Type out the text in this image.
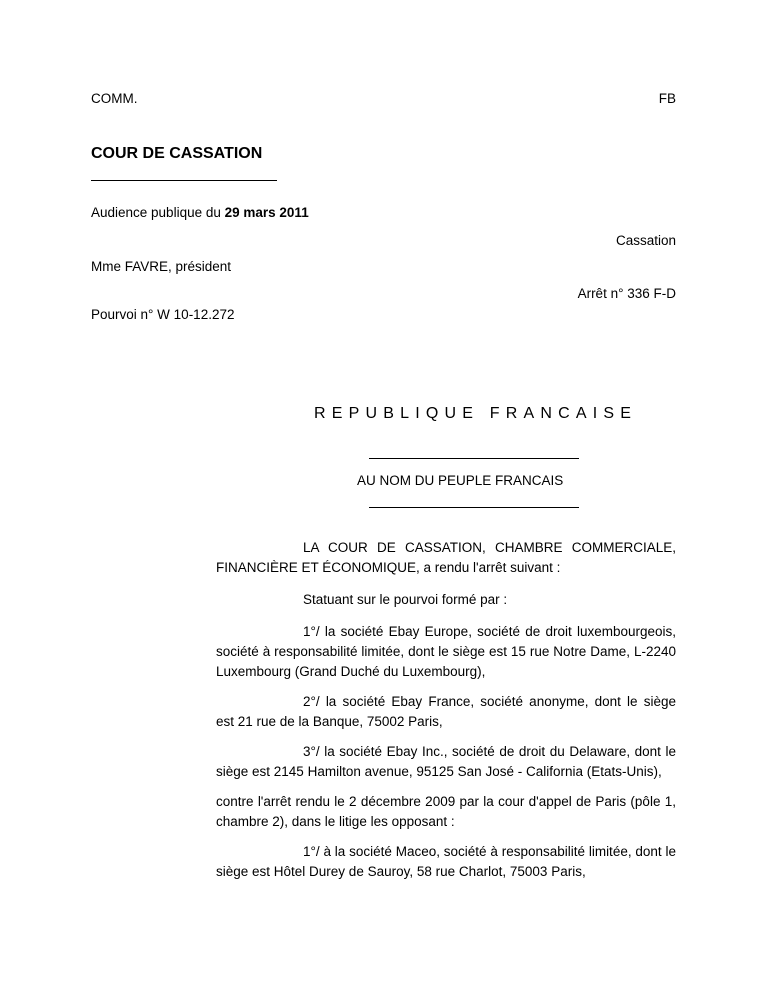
COMM.	FB
COUR DE CASSATION
Audience publique du 29 mars 2011
Cassation
Mme FAVRE, président
Arrêt n° 336 F-D
Pourvoi n° W 10-12.272
REPUBLIQUE FRANCAISE
AU NOM DU PEUPLE FRANCAIS
LA COUR DE CASSATION, CHAMBRE COMMERCIALE, FINANCIÈRE ET ÉCONOMIQUE, a rendu l'arrêt suivant :
Statuant sur le pourvoi formé par :
1°/ la société Ebay Europe, société de droit luxembourgeois, société à responsabilité limitée, dont le siège est 15 rue Notre Dame, L-2240 Luxembourg (Grand Duché du Luxembourg),
2°/ la société Ebay France, société anonyme, dont le siège est 21 rue de la Banque, 75002 Paris,
3°/ la société Ebay Inc., société de droit du Delaware, dont le siège est 2145 Hamilton avenue, 95125 San José - California (Etats-Unis),
contre l'arrêt rendu le 2 décembre 2009 par la cour d'appel de Paris (pôle 1, chambre 2), dans le litige les opposant :
1°/ à la société Maceo, société à responsabilité limitée, dont le siège est Hôtel Durey de Sauroy, 58 rue Charlot, 75003 Paris,
